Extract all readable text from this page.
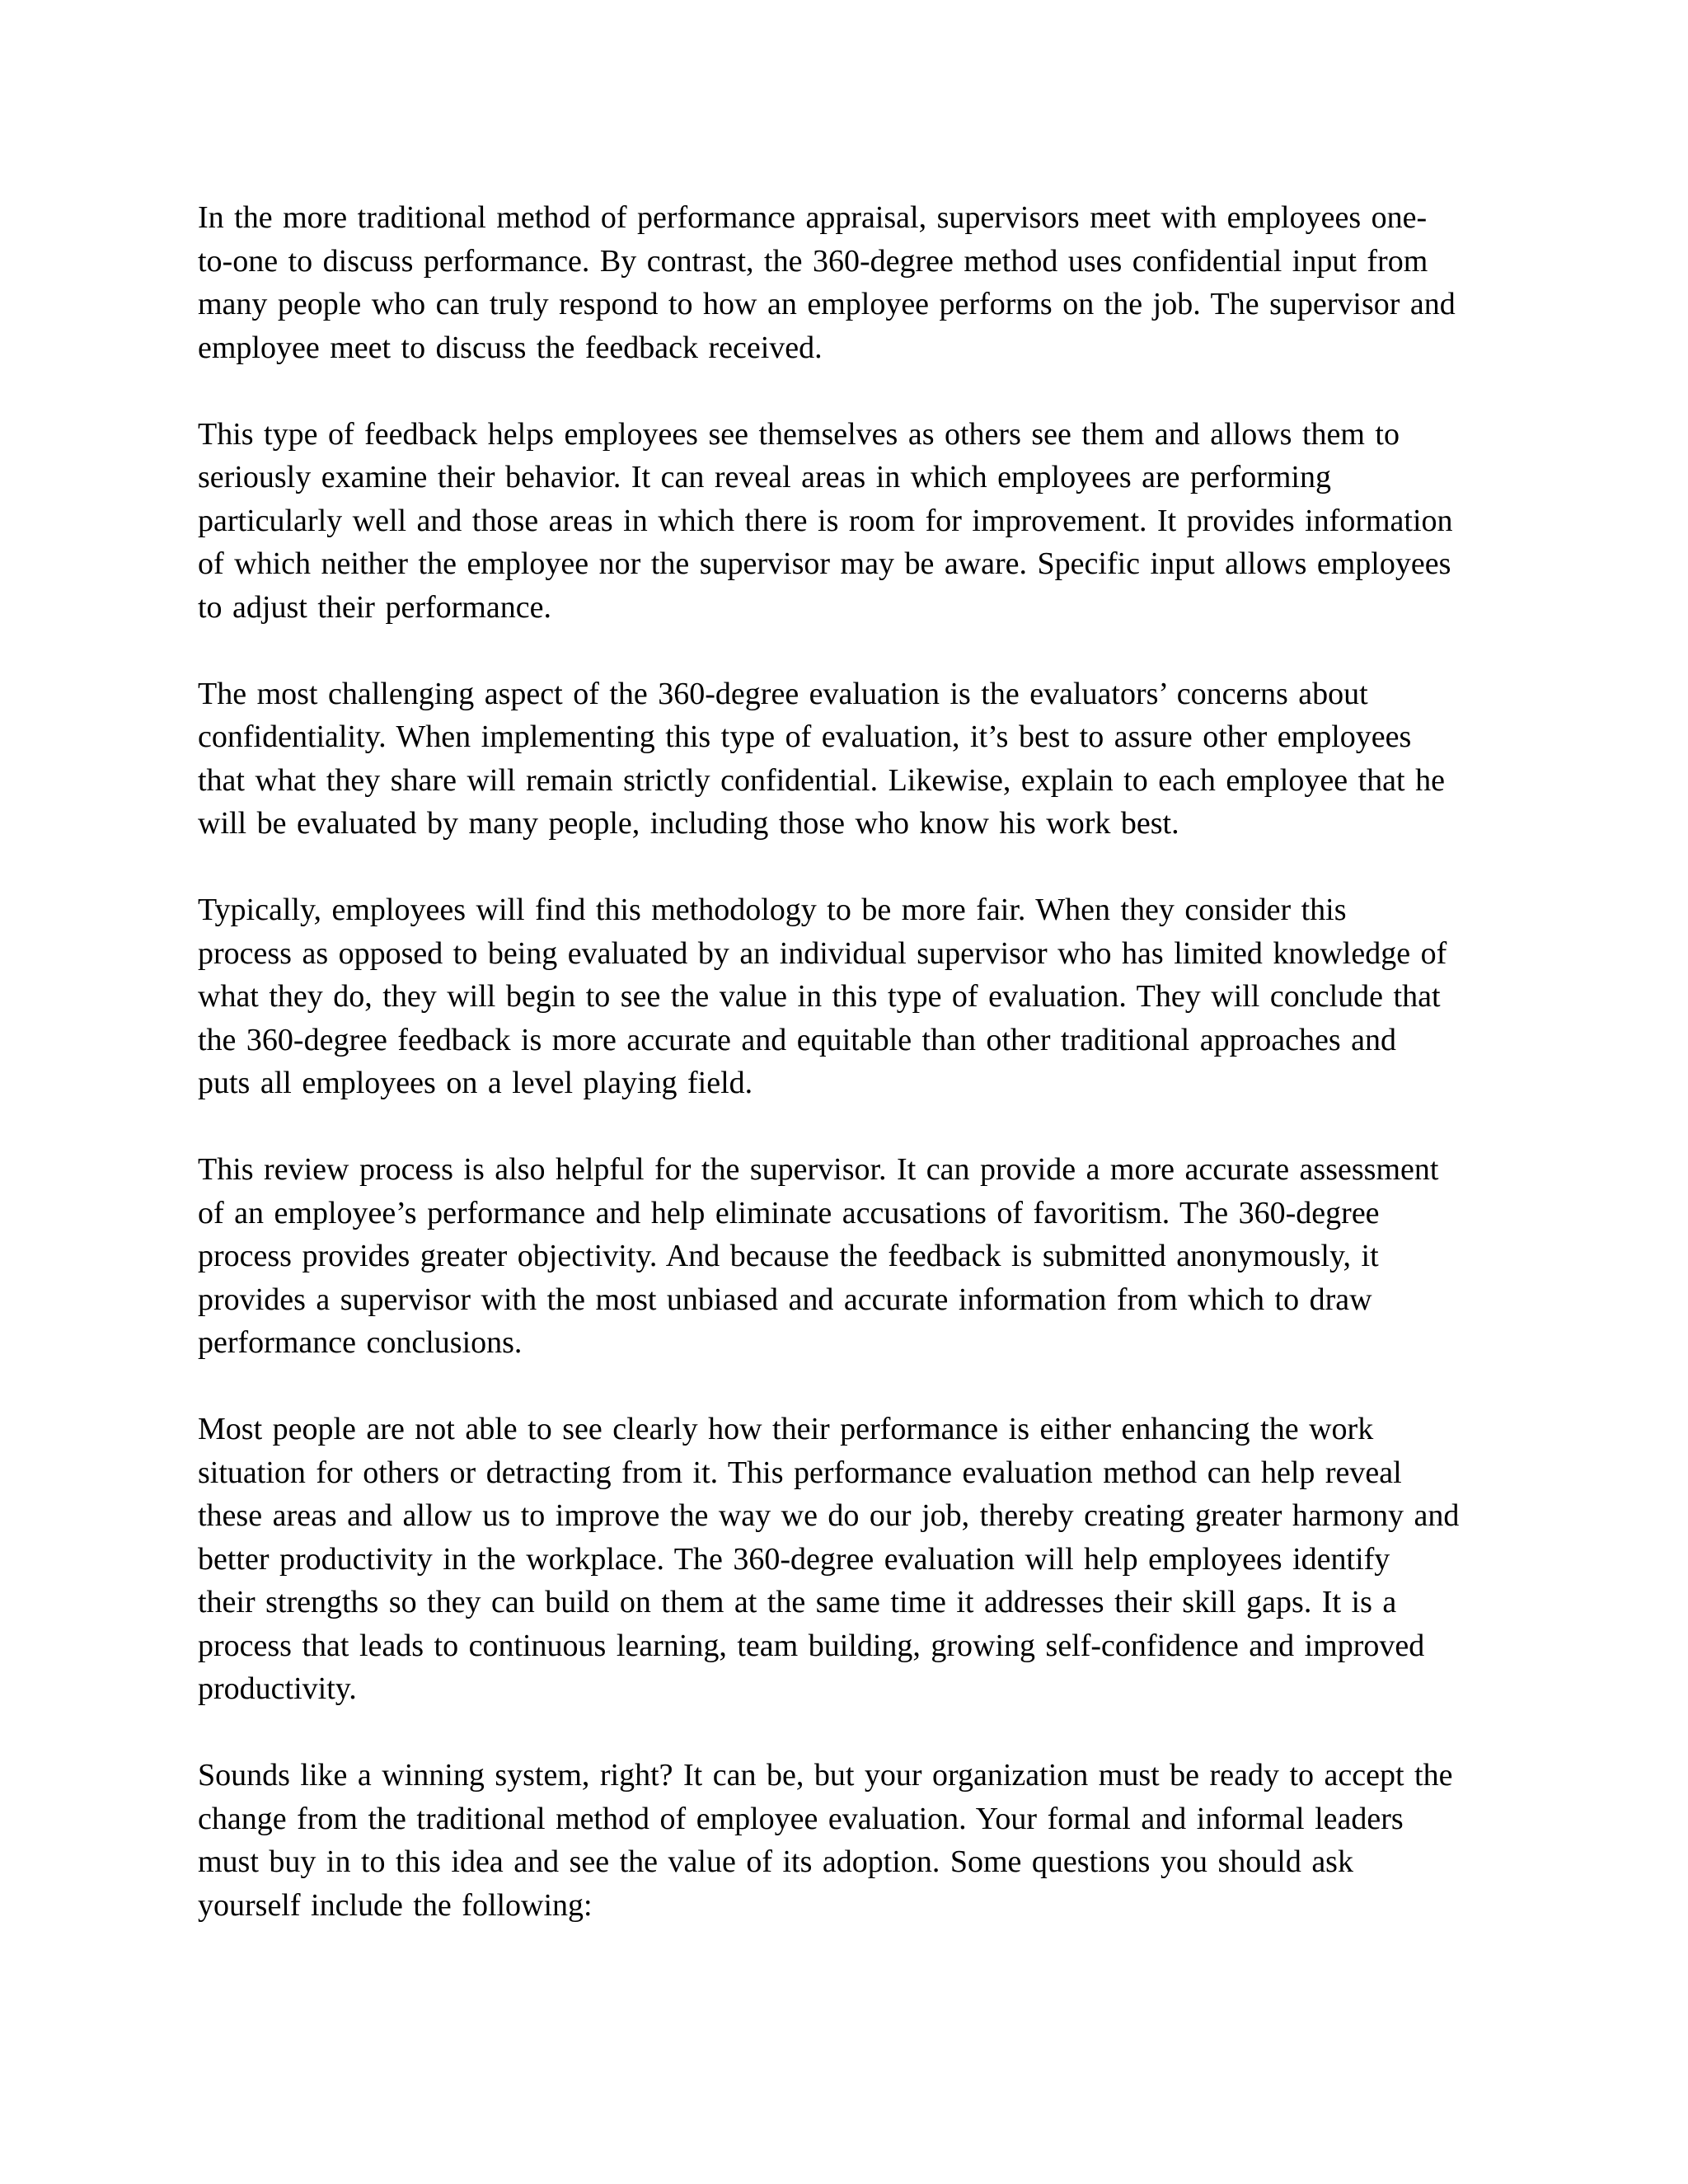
In the more traditional method of performance appraisal, supervisors meet with employees one-
to-one to discuss performance. By contrast, the 360-degree method uses confidential input from
many people who can truly respond to how an employee performs on the job. The supervisor and
employee meet to discuss the feedback received.

This type of feedback helps employees see themselves as others see them and allows them to
seriously examine their behavior. It can reveal areas in which employees are performing
particularly well and those areas in which there is room for improvement. It provides information
of which neither the employee nor the supervisor may be aware. Specific input allows employees
to adjust their performance.

The most challenging aspect of the 360-degree evaluation is the evaluators’ concerns about
confidentiality. When implementing this type of evaluation, it’s best to assure other employees
that what they share will remain strictly confidential. Likewise, explain to each employee that he
will be evaluated by many people, including those who know his work best.

Typically, employees will find this methodology to be more fair. When they consider this
process as opposed to being evaluated by an individual supervisor who has limited knowledge of
what they do, they will begin to see the value in this type of evaluation. They will conclude that
the 360-degree feedback is more accurate and equitable than other traditional approaches and
puts all employees on a level playing field.

This review process is also helpful for the supervisor. It can provide a more accurate assessment
of an employee’s performance and help eliminate accusations of favoritism. The 360-degree
process provides greater objectivity. And because the feedback is submitted anonymously, it
provides a supervisor with the most unbiased and accurate information from which to draw
performance conclusions.

Most people are not able to see clearly how their performance is either enhancing the work
situation for others or detracting from it. This performance evaluation method can help reveal
these areas and allow us to improve the way we do our job, thereby creating greater harmony and
better productivity in the workplace. The 360-degree evaluation will help employees identify
their strengths so they can build on them at the same time it addresses their skill gaps. It is a
process that leads to continuous learning, team building, growing self-confidence and improved
productivity.

Sounds like a winning system, right? It can be, but your organization must be ready to accept the
change from the traditional method of employee evaluation. Your formal and informal leaders
must buy in to this idea and see the value of its adoption. Some questions you should ask
yourself include the following:
